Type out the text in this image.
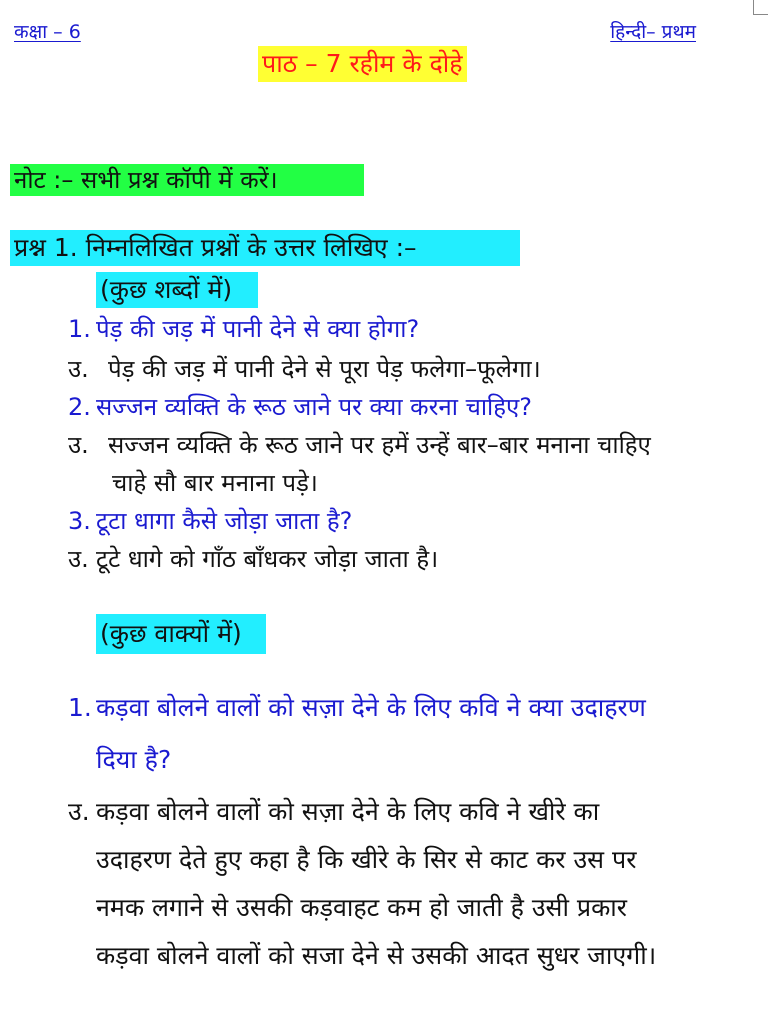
कक्षा – 6	हिन्दी– प्रथम
पाठ – 7 रहीम के दोहे
नोट :– सभी प्रश्न कॉपी में करें।
प्रश्न 1. निम्नलिखित प्रश्नों के उत्तर लिखिए :–
(कुछ शब्दों में)
1. पेड़ की जड़ में पानी देने से क्या होगा?
उ. पेड़ की जड़ में पानी देने से पूरा पेड़ फलेगा–फूलेगा।
2. सज्जन व्यक्ति के रूठ जाने पर क्या करना चाहिए?
उ. सज्जन व्यक्ति के रूठ जाने पर हमें उन्हें बार–बार मनाना चाहिए
चाहे सौ बार मनाना पड़े।
3. टूटा धागा कैसे जोड़ा जाता है?
उ. टूटे धागे को गाँठ बाँधकर जोड़ा जाता है।
(कुछ वाक्यों में)
1. कड़वा बोलने वालों को सज़ा देने के लिए कवि ने क्या उदाहरण
दिया है?
उ. कड़वा बोलने वालों को सज़ा देने के लिए कवि ने खीरे का
उदाहरण देते हुए कहा है कि खीरे के सिर से काट कर उस पर
नमक लगाने से उसकी कड़वाहट कम हो जाती है उसी प्रकार
कड़वा बोलने वालों को सजा देने से उसकी आदत सुधर जाएगी।
